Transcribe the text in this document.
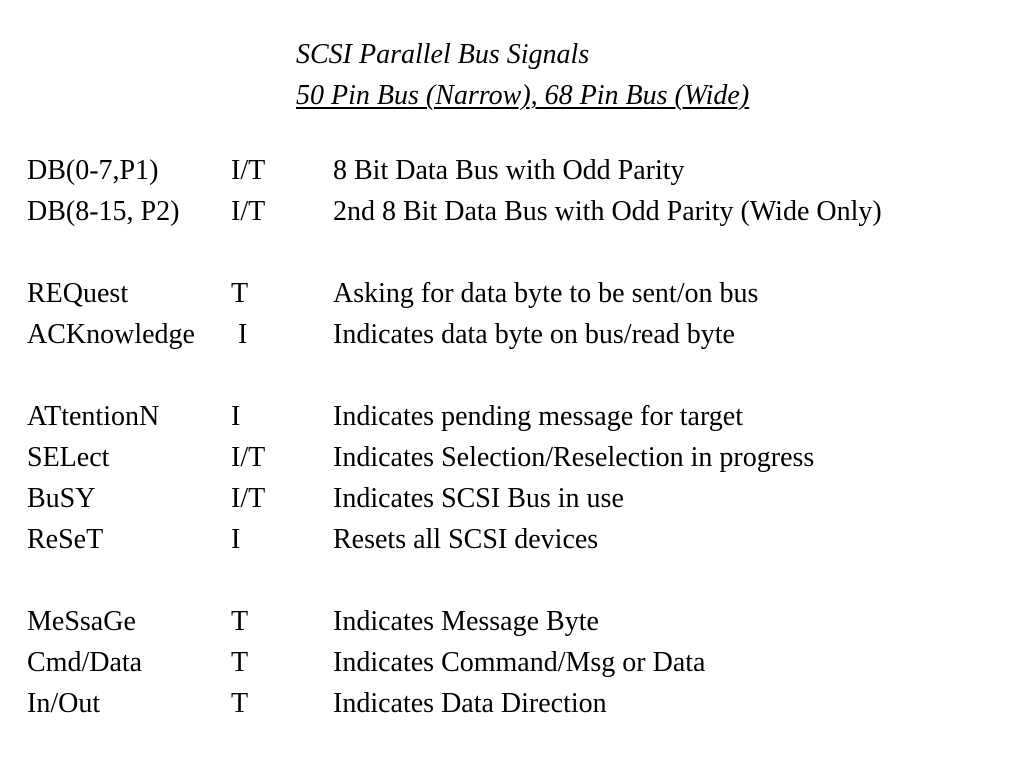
SCSI Parallel Bus Signals
50 Pin Bus (Narrow), 68 Pin Bus (Wide)
DB(0-7,P1)	I/T 8 Bit Data Bus with Odd Parity
DB(8-15, P2) I/T 2nd 8 Bit Data Bus with Odd Parity (Wide Only)
REQuest	T	Asking for data byte to be sent/on bus
ACKnowledge I	Indicates data byte on bus/read byte
ATtentionN	I	Indicates pending message for target
SELect	I/T Indicates Selection/Reselection in progress
BuSY	I/T Indicates SCSI Bus in use
ReSeT	I	Resets all SCSI devices
MeSsaGe	T	Indicates Message Byte
Cmd/Data	T	Indicates Command/Msg or Data
In/Out	T	Indicates Data Direction
